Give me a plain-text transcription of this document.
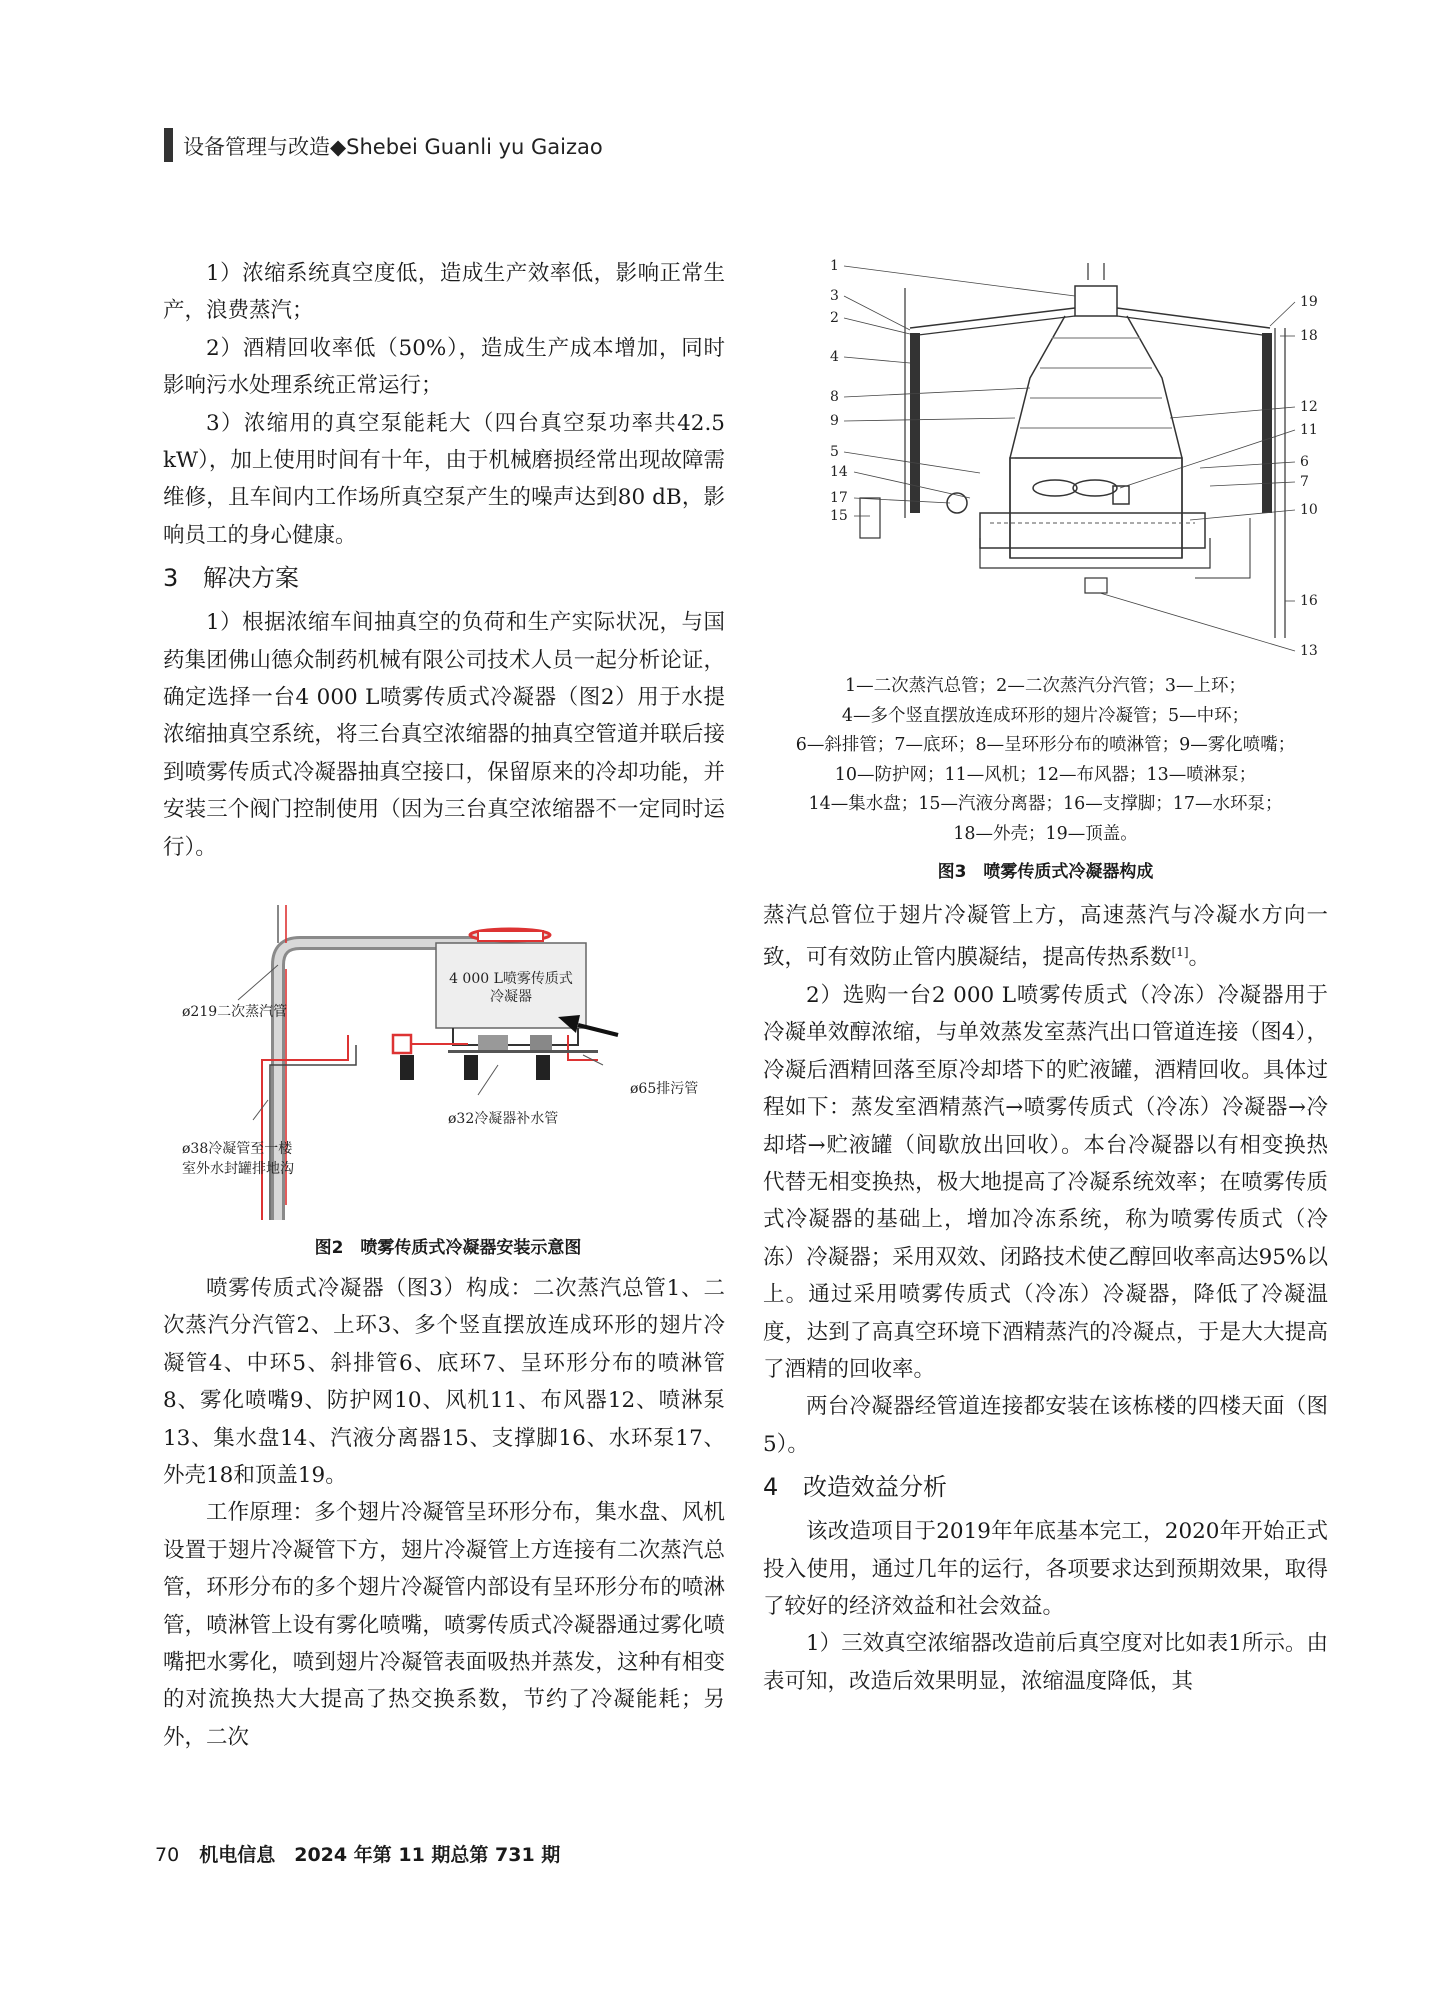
设备管理与改造◆Shebei Guanli yu Gaizao

1）浓缩系统真空度低，造成生产效率低，影响正常生产，浪费蒸汽；

2）酒精回收率低（50%），造成生产成本增加，同时影响污水处理系统正常运行；

3）浓缩用的真空泵能耗大（四台真空泵功率共42.5 kW），加上使用时间有十年，由于机械磨损经常出现故障需维修，且车间内工作场所真空泵产生的噪声达到80 dB，影响员工的身心健康。

3 解决方案

1）根据浓缩车间抽真空的负荷和生产实际状况，与国药集团佛山德众制药机械有限公司技术人员一起分析论证，确定选择一台4 000 L喷雾传质式冷凝器（图2）用于水提浓缩抽真空系统，将三台真空浓缩器的抽真空管道并联后接到喷雾传质式冷凝器抽真空接口，保留原来的冷却功能，并安装三个阀门控制使用（因为三台真空浓缩器不一定同时运行）。

4 000 L喷雾传质式
冷凝器
ø219二次蒸汽管
ø65排污管
ø32冷凝器补水管
ø38冷凝管至一楼
室外水封罐排地沟
图2　喷雾传质式冷凝器安装示意图

喷雾传质式冷凝器（图3）构成：二次蒸汽总管1、二次蒸汽分汽管2、上环3、多个竖直摆放连成环形的翅片冷凝管4、中环5、斜排管6、底环7、呈环形分布的喷淋管8、雾化喷嘴9、防护网10、风机11、布风器12、喷淋泵13、集水盘14、汽液分离器15、支撑脚16、水环泵17、外壳18和顶盖19。

工作原理：多个翅片冷凝管呈环形分布，集水盘、风机设置于翅片冷凝管下方，翅片冷凝管上方连接有二次蒸汽总管，环形分布的多个翅片冷凝管内部设有呈环形分布的喷淋管，喷淋管上设有雾化喷嘴，喷雾传质式冷凝器通过雾化喷嘴把水雾化，喷到翅片冷凝管表面吸热并蒸发，这种有相变的对流换热大大提高了热交换系数，节约了冷凝能耗；另外，二次

1
3
2
4
8
9
5
14
17
15
19
18
12
11
6
7
10
16
13
1—二次蒸汽总管；2—二次蒸汽分汽管；3—上环；
4—多个竖直摆放连成环形的翅片冷凝管；5—中环；
6—斜排管；7—底环；8—呈环形分布的喷淋管；9—雾化喷嘴；
10—防护网；11—风机；12—布风器；13—喷淋泵；
14—集水盘；15—汽液分离器；16—支撑脚；17—水环泵；
18—外壳；19—顶盖。
图3　喷雾传质式冷凝器构成

蒸汽总管位于翅片冷凝管上方，高速蒸汽与冷凝水方向一致，可有效防止管内膜凝结，提高传热系数[1]。

2）选购一台2 000 L喷雾传质式（冷冻）冷凝器用于冷凝单效醇浓缩，与单效蒸发室蒸汽出口管道连接（图4），冷凝后酒精回落至原冷却塔下的贮液罐，酒精回收。具体过程如下：蒸发室酒精蒸汽→喷雾传质式（冷冻）冷凝器→冷却塔→贮液罐（间歇放出回收）。本台冷凝器以有相变换热代替无相变换热，极大地提高了冷凝系统效率；在喷雾传质式冷凝器的基础上，增加冷冻系统，称为喷雾传质式（冷冻）冷凝器；采用双效、闭路技术使乙醇回收率高达95%以上。通过采用喷雾传质式（冷冻）冷凝器，降低了冷凝温度，达到了高真空环境下酒精蒸汽的冷凝点，于是大大提高了酒精的回收率。

两台冷凝器经管道连接都安装在该栋楼的四楼天面（图5）。

4 改造效益分析

该改造项目于2019年年底基本完工，2020年开始正式投入使用，通过几年的运行，各项要求达到预期效果，取得了较好的经济效益和社会效益。

1）三效真空浓缩器改造前后真空度对比如表1所示。由表可知，改造后效果明显，浓缩温度降低，其

70 机电信息　2024 年第 11 期总第 731 期
